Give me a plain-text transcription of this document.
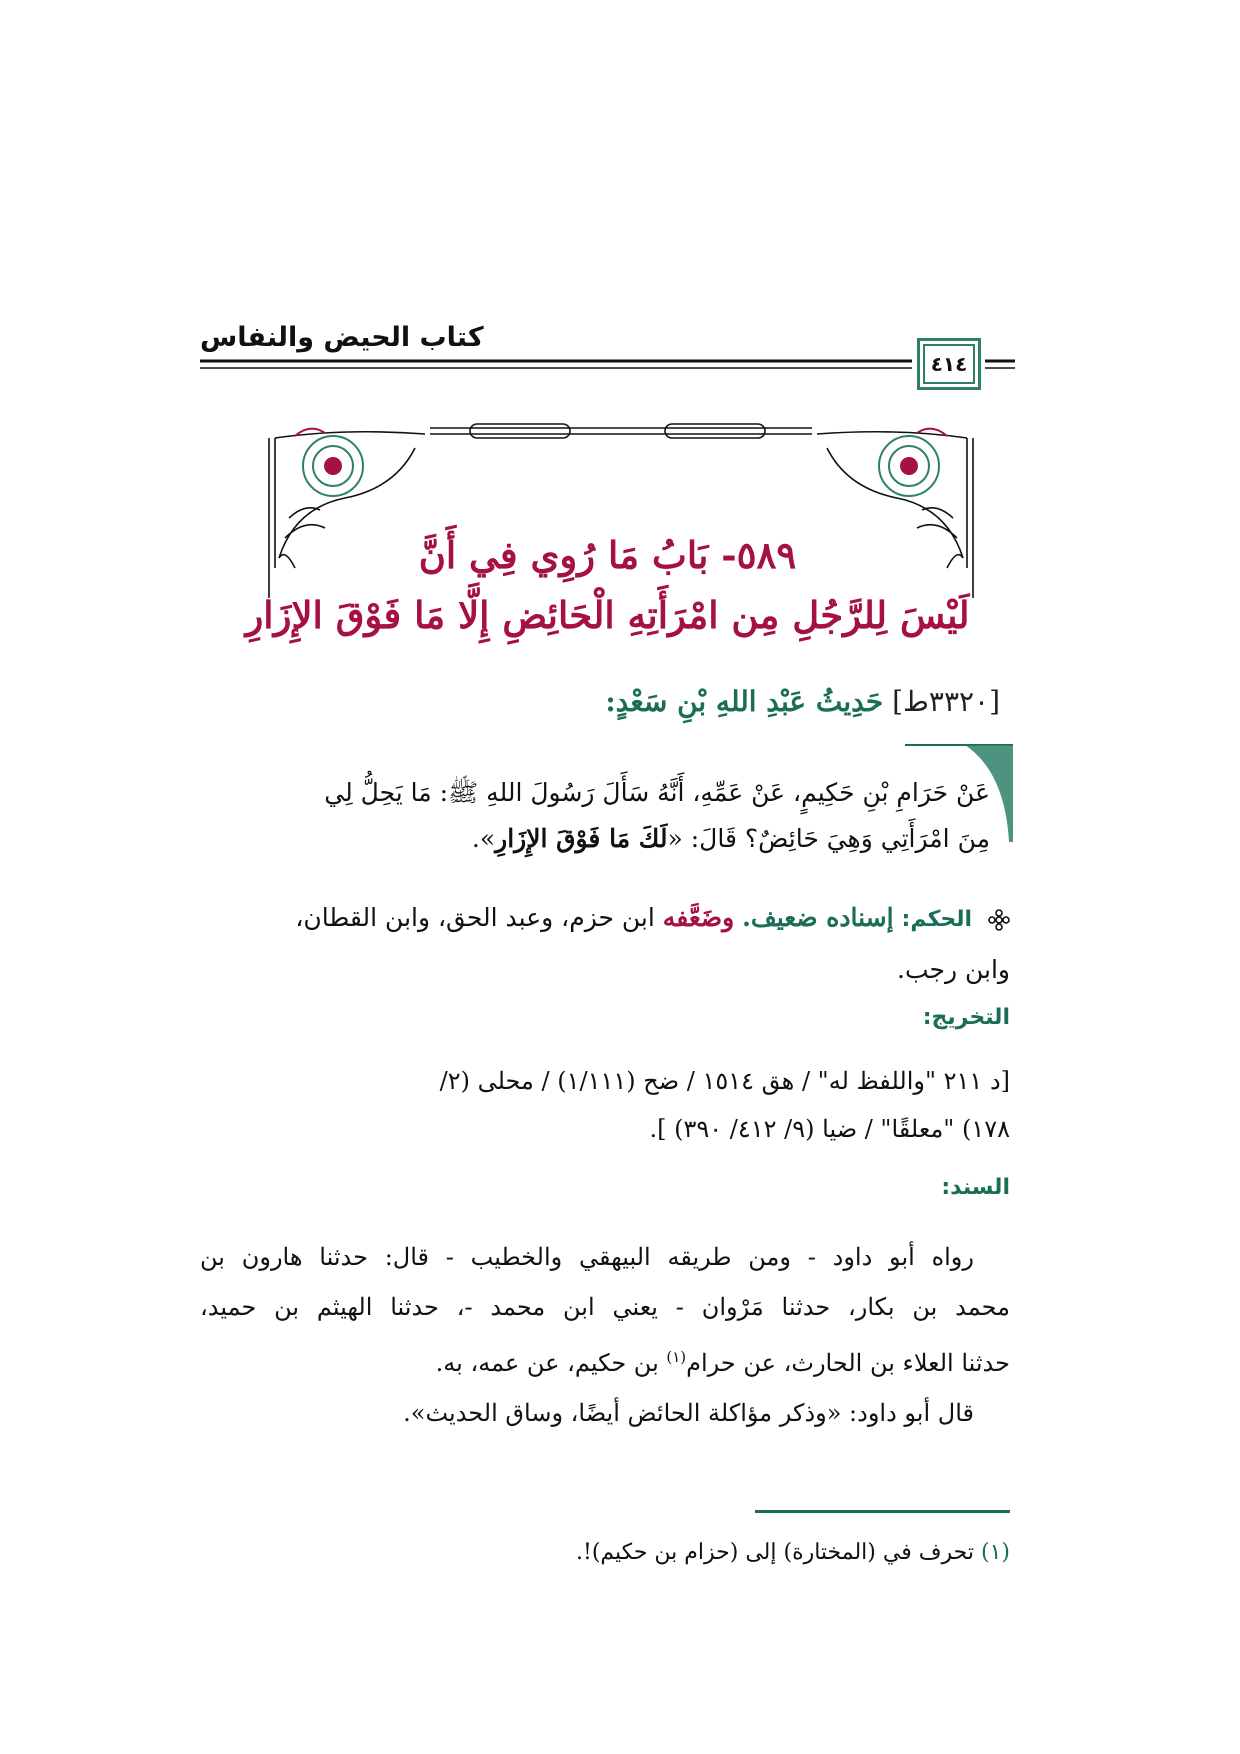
كتاب الحيض والنفاس
٤١٤
٥٨٩- بَابُ مَا رُوِي فِي أَنَّ
لَيْسَ لِلرَّجُلِ مِن امْرَأَتِهِ الْحَائِضِ إِلَّا مَا فَوْقَ الإِزَارِ
[٣٣٢٠ط] حَدِيثُ عَبْدِ اللهِ بْنِ سَعْدٍ:
عَنْ حَرَامِ بْنِ حَكِيمٍ، عَنْ عَمِّهِ، أَنَّهُ سَأَلَ رَسُولَ اللهِ ﷺ: مَا يَحِلُّ لِي
مِنَ امْرَأَتِي وَهِيَ حَائِضٌ؟ قَالَ: «لَكَ مَا فَوْقَ الإِزَارِ».
الحكم: إسناده ضعيف. وضَعَّفه ابن حزم، وعبد الحق، وابن القطان،
وابن رجب.
التخريج:
[د ٢١١ "واللفظ له" / هق ١٥١٤ / ضح (١/١١١) / محلى (٢/
١٧٨) "معلقًا" / ضيا (٩/ ٤١٢/ ٣٩٠) ].
السند:
رواه أبو داود - ومن طريقه البيهقي والخطيب - قال: حدثنا هارون بن
محمد بن بكار، حدثنا مَرْوان - يعني ابن محمد -، حدثنا الهيثم بن حميد،
حدثنا العلاء بن الحارث، عن حرام$^{(١)}$ بن حكيم، عن عمه، به.
قال أبو داود: «وذكر مؤاكلة الحائض أيضًا، وساق الحديث».
(١) تحرف في (المختارة) إلى (حزام بن حكيم)!.
